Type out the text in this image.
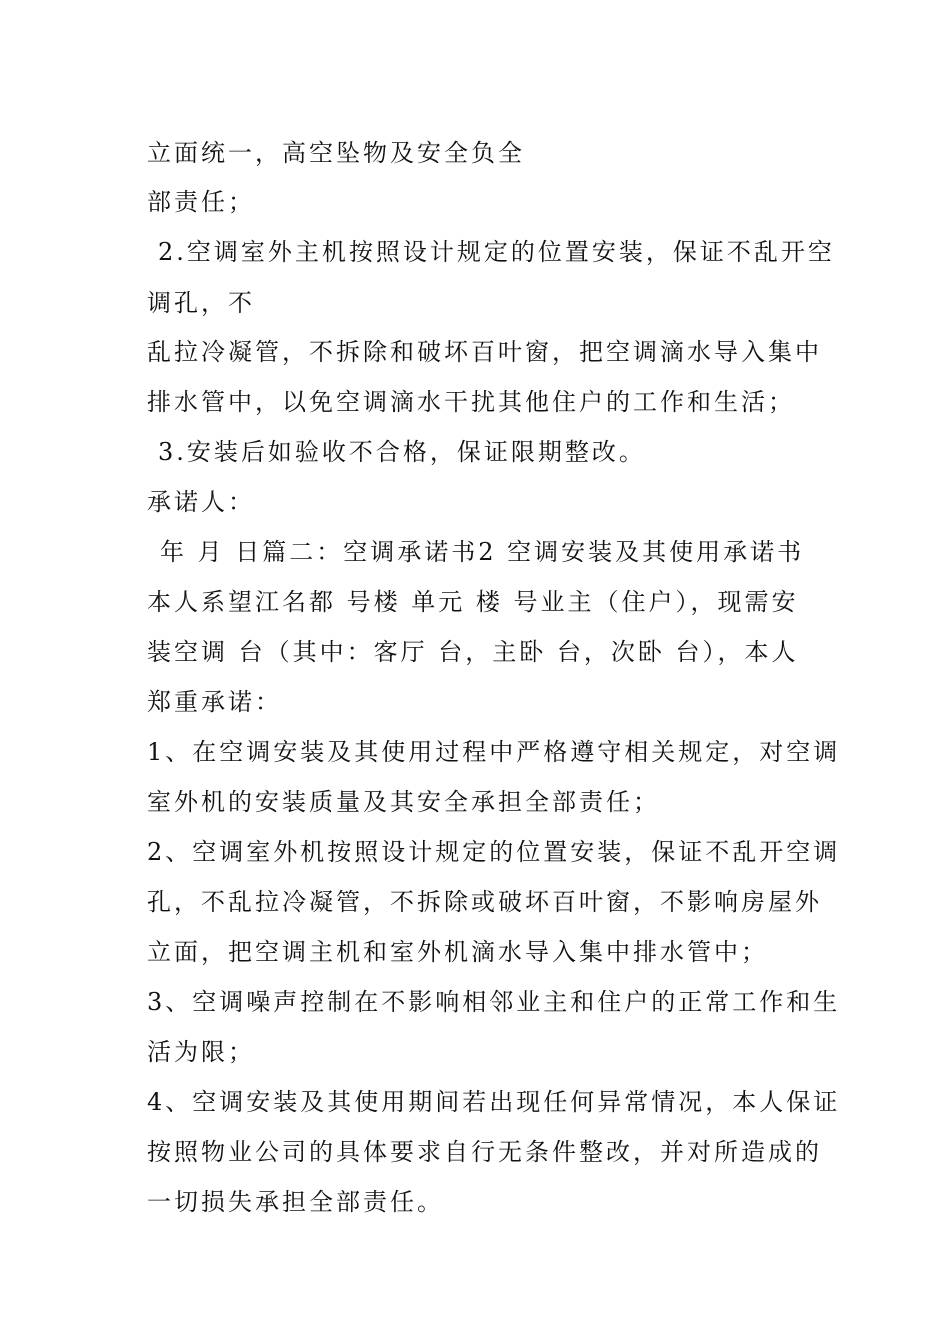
立面统一，高空坠物及安全负全
部责任；
2.空调室外主机按照设计规定的位置安装，保证不乱开空
调孔，不
乱拉冷凝管，不拆除和破坏百叶窗，把空调滴水导入集中
排水管中，以免空调滴水干扰其他住户的工作和生活；
3.安装后如验收不合格，保证限期整改。
承诺人：
年 月 日篇二：空调承诺书2 空调安装及其使用承诺书
本人系望江名都 号楼 单元 楼 号业主（住户），现需安
装空调 台（其中：客厅 台，主卧 台，次卧 台），本人
郑重承诺：
1、在空调安装及其使用过程中严格遵守相关规定，对空调
室外机的安装质量及其安全承担全部责任；
2、空调室外机按照设计规定的位置安装，保证不乱开空调
孔，不乱拉冷凝管，不拆除或破坏百叶窗，不影响房屋外
立面，把空调主机和室外机滴水导入集中排水管中；
3、空调噪声控制在不影响相邻业主和住户的正常工作和生
活为限；
4、空调安装及其使用期间若出现任何异常情况，本人保证
按照物业公司的具体要求自行无条件整改，并对所造成的
一切损失承担全部责任。
